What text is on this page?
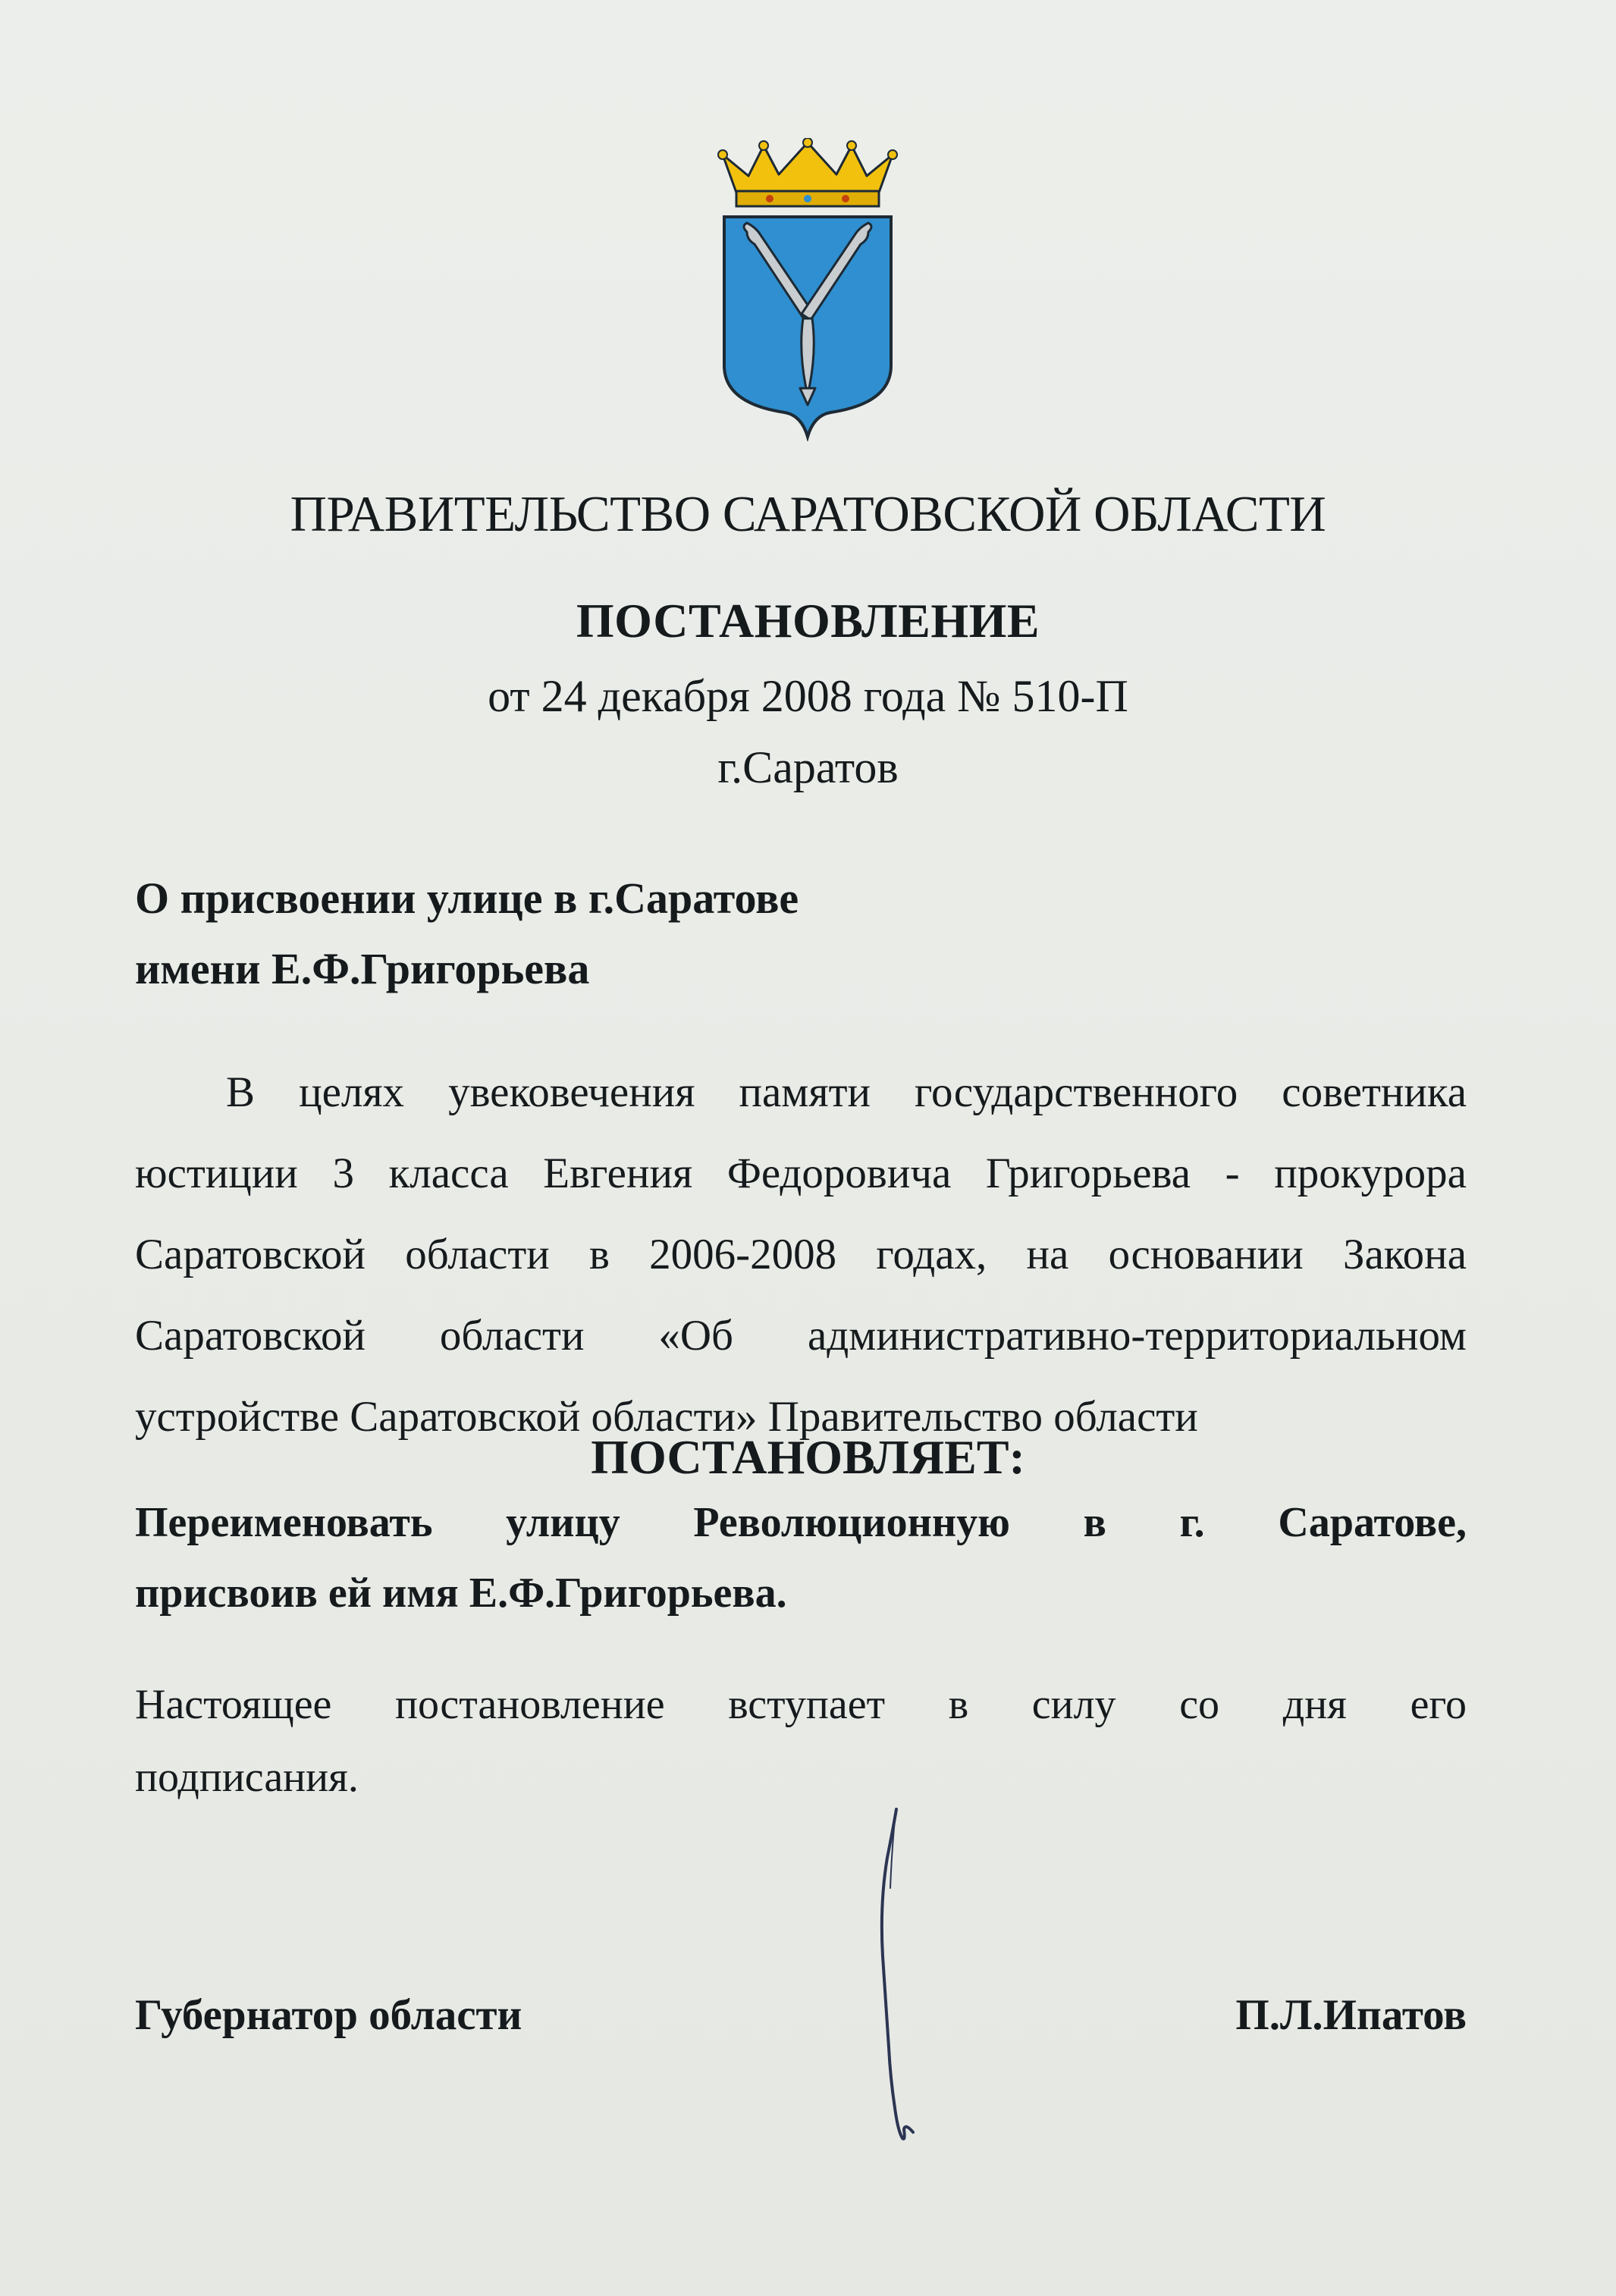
ПРАВИТЕЛЬСТВО САРАТОВСКОЙ ОБЛАСТИ
ПОСТАНОВЛЕНИЕ
от 24 декабря 2008 года № 510-П
г.Саратов
О присвоении улице в г.Саратове
имени Е.Ф.Григорьева
В целях увековечения памяти государственного советника
юстиции 3 класса Евгения Федоровича Григорьева - прокурора
Саратовской области в 2006-2008 годах, на основании Закона
Саратовской области «Об административно-территориальном
устройстве Саратовской области» Правительство области
ПОСТАНОВЛЯЕТ:
Переименовать улицу Революционную в г. Саратове,
присвоив ей имя Е.Ф.Григорьева.
Настоящее постановление вступает в силу со дня его
подписания.
Губернатор области	П.Л.Ипатов
